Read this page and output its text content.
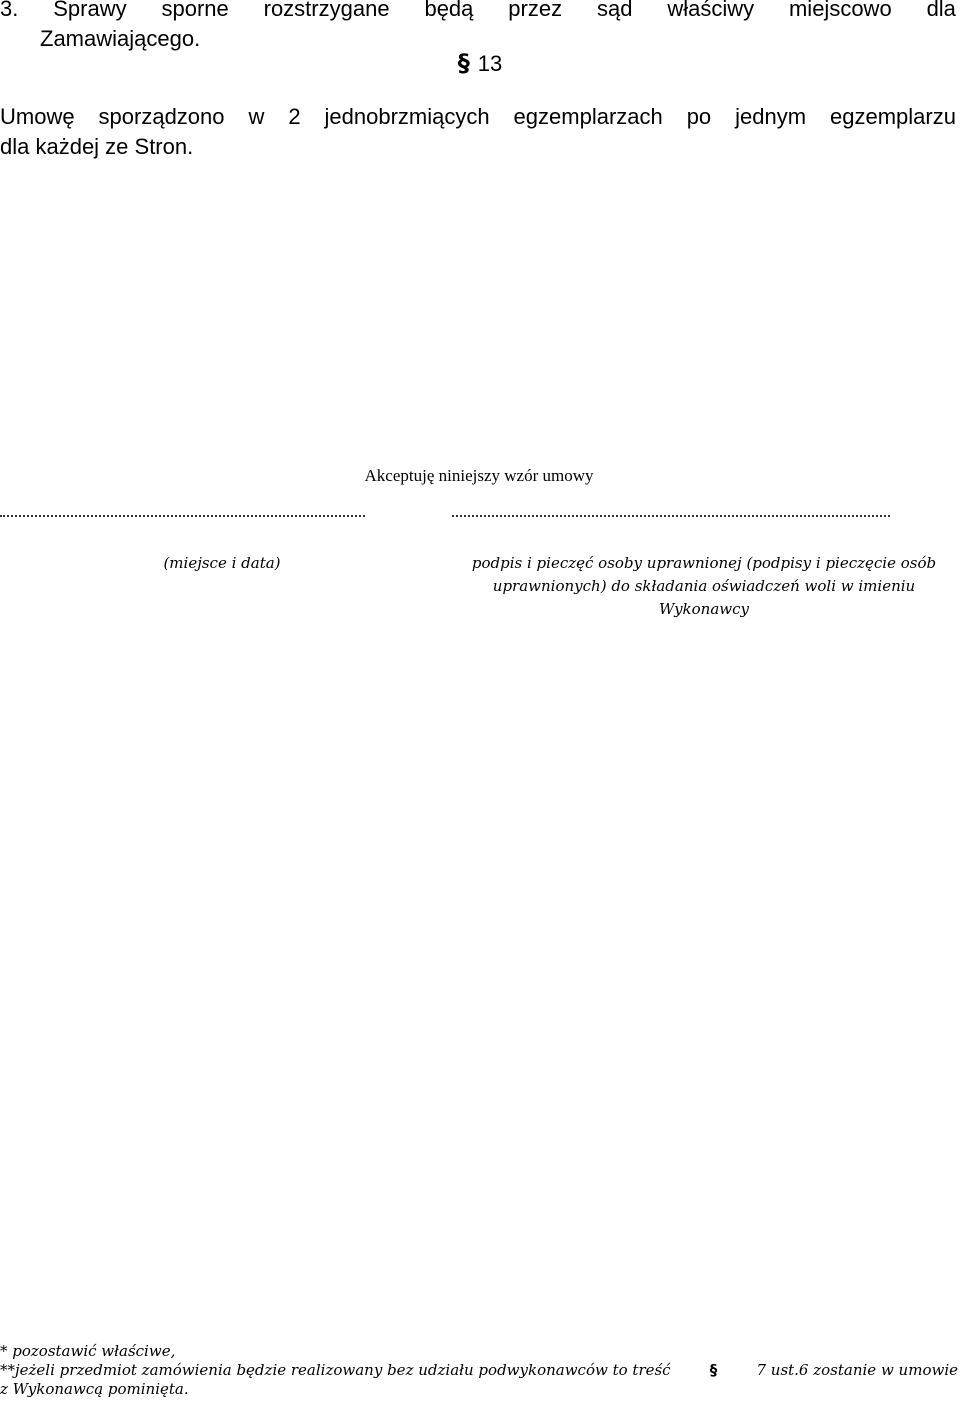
3. Sprawy sporne rozstrzygane będą przez sąd właściwy miejscowo dla
Zamawiającego.
§ 13
Umowę sporządzono w 2 jednobrzmiących egzemplarzach po jednym egzemplarzu
dla każdej ze Stron.
Akceptuję niniejszy wzór umowy
(miejsce i data)	podpis i pieczęć osoby uprawnionej (podpisy i pieczęcie osób
uprawnionych) do składania oświadczeń woli w imieniu
Wykonawcy
* pozostawić właściwe,
**jeżeli przedmiot zamówienia będzie realizowany bez udziału podwykonawców to treść	§	7 ust.6 zostanie w umowie
z Wykonawcą pominięta.
